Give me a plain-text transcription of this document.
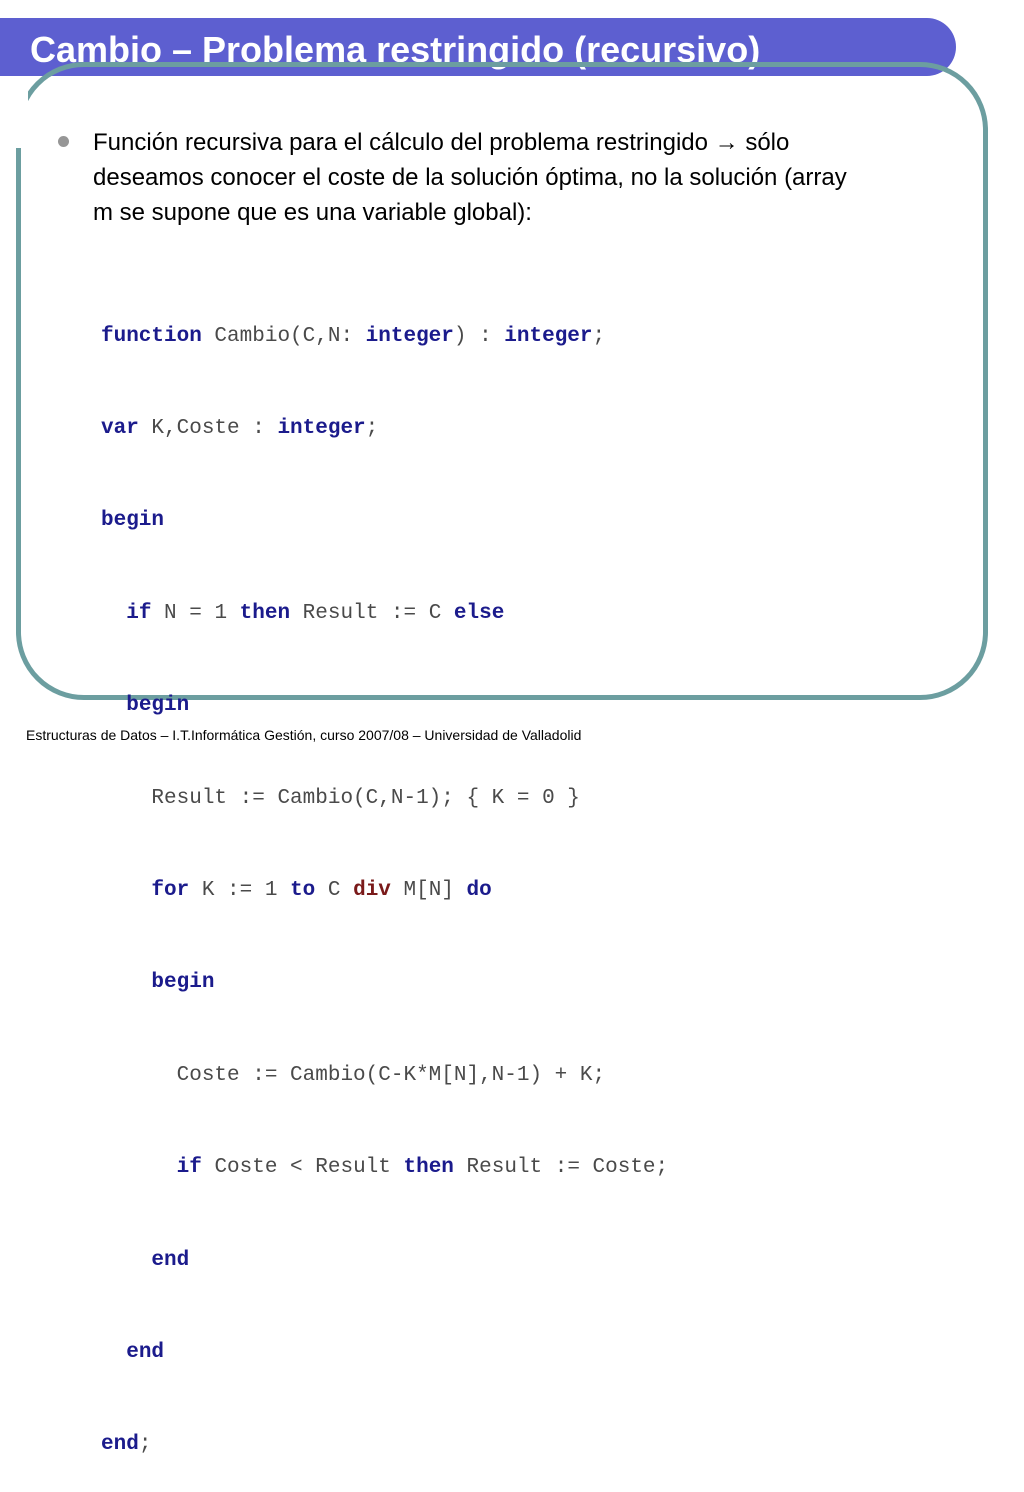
Cambio – Problema restringido (recursivo)
Función recursiva para el cálculo del problema restringido → sólo deseamos conocer el coste de la solución óptima, no la solución (array m se supone que es una variable global):

function Cambio(C,N: integer) : integer;

var K,Coste : integer;

begin

if N = 1 then Result := C else

begin

Result := Cambio(C,N-1); { K = 0 }

for K := 1 to C div M[N] do

begin

Coste := Cambio(C-K*M[N],N-1) + K;

if Coste < Result then Result := Coste;

end

end

end;

Estructuras de Datos – I.T.Informática Gestión, curso 2007/08 – Universidad de Valladolid
